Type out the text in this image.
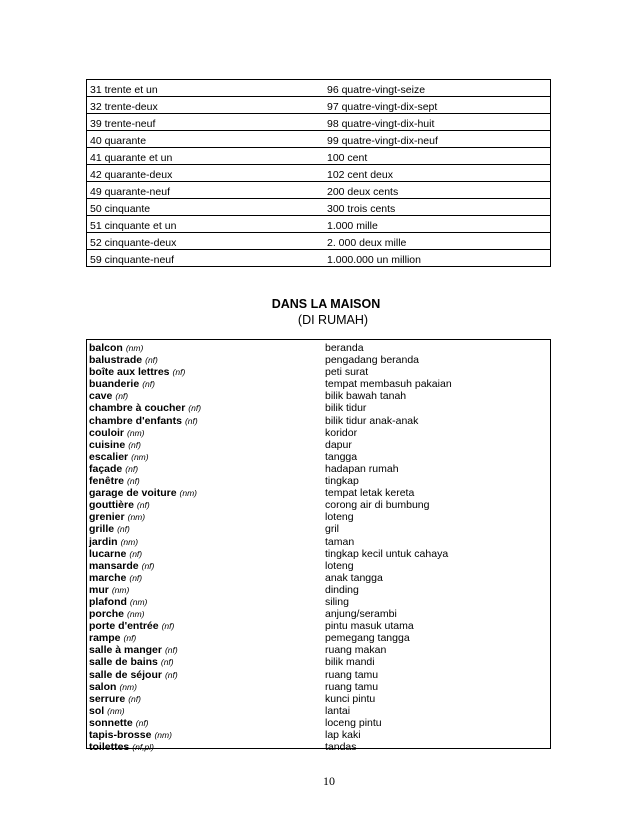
31 trente et un	96 quatre-vingt-seize
32 trente-deux	97 quatre-vingt-dix-sept
39 trente-neuf	98 quatre-vingt-dix-huit
40 quarante	99 quatre-vingt-dix-neuf
41 quarante et un	100 cent
42 quarante-deux	102 cent deux
49 quarante-neuf	200 deux cents
50 cinquante	300 trois cents
51 cinquante et un	1.000 mille
52 cinquante-deux	2. 000 deux mille
59 cinquante-neuf	1.000.000 un million
DANS LA MAISON
(DI RUMAH)
balcon (nm)	beranda
balustrade (nf)	pengadang beranda
boîte aux lettres (nf)	peti surat
buanderie (nf)	tempat membasuh pakaian
cave (nf)	bilik bawah tanah
chambre à coucher (nf)	bilik tidur
chambre d'enfants (nf)	bilik tidur anak-anak
couloir (nm)	koridor
cuisine (nf)	dapur
escalier (nm)	tangga
façade (nf)	hadapan rumah
fenêtre (nf)	tingkap
garage de voiture (nm)	tempat letak kereta
gouttière (nf)	corong air di bumbung
grenier (nm)	loteng
grille (nf)	gril
jardin (nm)	taman
lucarne (nf)	tingkap kecil untuk cahaya
mansarde (nf)	loteng
marche (nf)	anak tangga
mur (nm)	dinding
plafond (nm)	siling
porche (nm)	anjung/serambi
porte d'entrée (nf)	pintu masuk utama
rampe (nf)	pemegang tangga
salle à manger (nf)	ruang makan
salle de bains (nf)	bilik mandi
salle de séjour (nf)	ruang tamu
salon (nm)	ruang tamu
serrure (nf)	kunci pintu
sol (nm)	lantai
sonnette (nf)	loceng pintu
tapis-brosse (nm)	lap kaki
toilettes (nf,pl)	tandas
10
